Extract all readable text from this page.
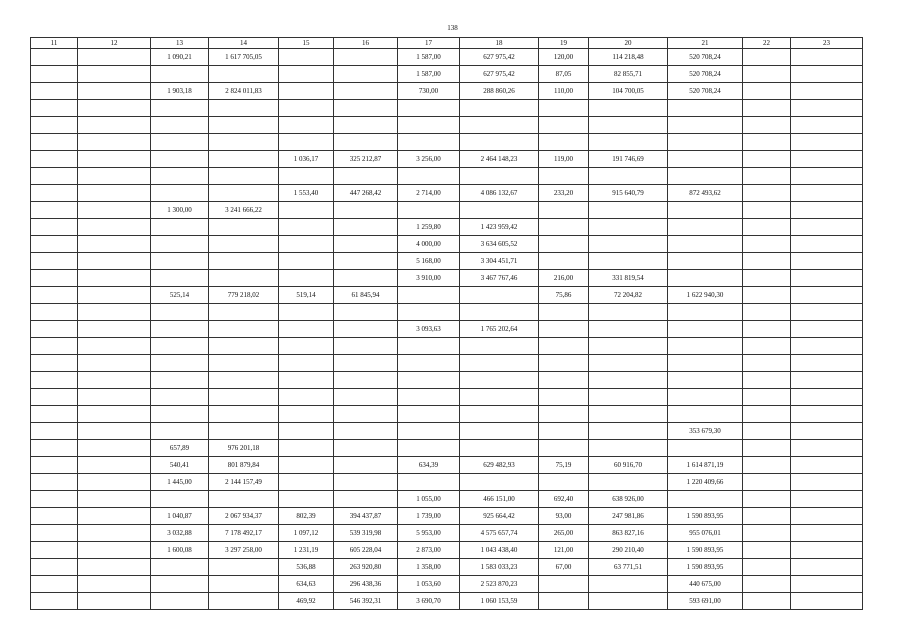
138
11	12	13	14	15	16	17	18	19	20	21	22	23
		1 090,21	1 617 705,05			1 587,00	627 975,42	120,00	114 218,48	520 708,24		
						1 587,00	627 975,42	87,05	82 855,71	520 708,24		
		1 903,18	2 824 011,83			730,00	288 860,26	110,00	104 700,05	520 708,24		

				1 036,17	325 212,87	3 256,00	2 464 148,23	119,00	191 746,69			

				1 553,40	447 268,42	2 714,00	4 086 132,67	233,20	915 640,79	872 493,62		
		1 300,00	3 241 666,22									
						1 259,80	1 423 959,42					
						4 000,00	3 634 605,52					
						5 168,00	3 304 451,71					
						3 910,00	3 467 767,46	216,00	331 819,54			
		525,14	779 218,02	519,14	61 845,94			75,86	72 204,82	1 622 940,30		

						3 093,63	1 765 202,64					

										353 679,30		
		657,89	976 201,18									
		540,41	801 879,84			634,39	629 482,93	75,19	60 916,70	1 614 871,19		
		1 445,00	2 144 157,49							1 220 409,66		
						1 055,00	466 151,00	692,40	638 926,00			
		1 040,87	2 067 934,37	802,39	394 437,87	1 739,00	925 664,42	93,00	247 981,86	1 590 893,95		
		3 032,88	7 178 492,17	1 097,12	539 319,98	5 953,00	4 575 657,74	265,00	863 827,16	955 076,01		
		1 600,08	3 297 258,00	1 231,19	605 228,04	2 873,00	1 043 438,40	121,00	290 210,40	1 590 893,95		
				536,88	263 920,80	1 358,00	1 583 033,23	67,00	63 771,51	1 590 893,95		
				634,63	296 438,36	1 053,60	2 523 870,23			440 675,00		
				469,92	546 392,31	3 690,70	1 060 153,59			593 691,00		
